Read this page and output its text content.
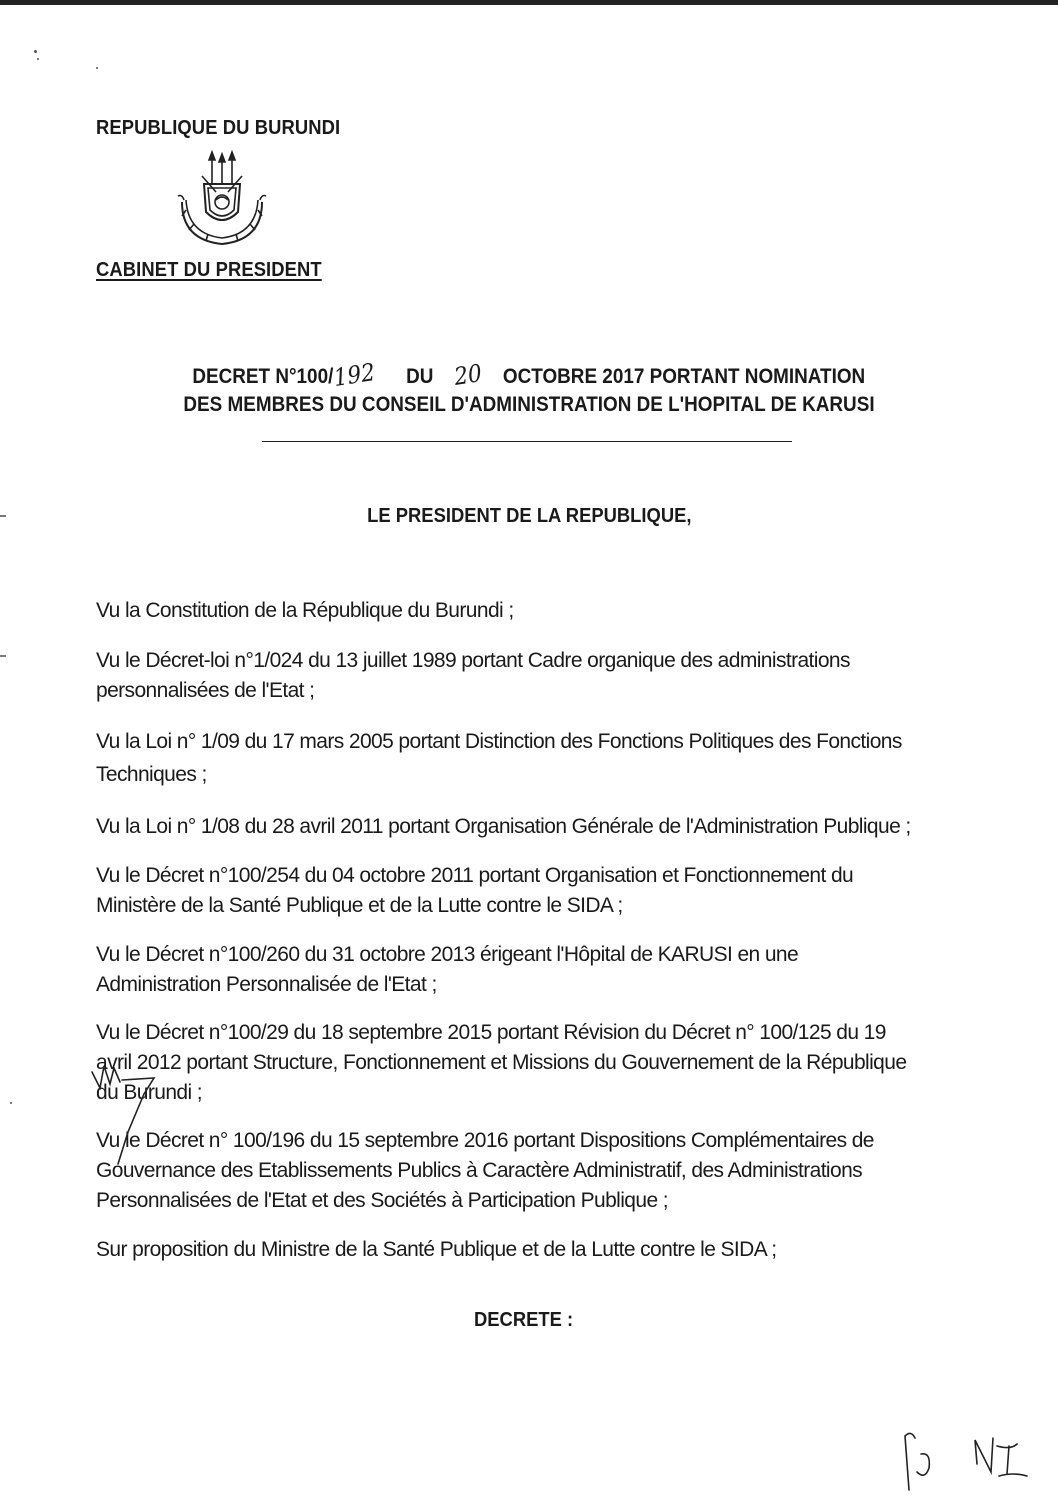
REPUBLIQUE DU BURUNDI
CABINET DU PRESIDENT
DECRET N°100/192 DU 20 OCTOBRE 2017 PORTANT NOMINATION
DES MEMBRES DU CONSEIL D'ADMINISTRATION DE L'HOPITAL DE KARUSI
LE PRESIDENT DE LA REPUBLIQUE,
Vu la Constitution de la République du Burundi ;
Vu le Décret-loi n°1/024 du 13 juillet 1989 portant Cadre organique des administrations
personnalisées de l'Etat ;
Vu la Loi n° 1/09 du 17 mars 2005 portant Distinction des Fonctions Politiques des Fonctions
Techniques ;
Vu la Loi n° 1/08 du 28 avril 2011 portant Organisation Générale de l'Administration Publique ;
Vu le Décret n°100/254 du 04 octobre 2011 portant Organisation et Fonctionnement du
Ministère de la Santé Publique et de la Lutte contre le SIDA ;
Vu le Décret n°100/260 du 31 octobre 2013 érigeant l'Hôpital de KARUSI en une
Administration Personnalisée de l'Etat ;
Vu le Décret n°100/29 du 18 septembre 2015 portant Révision du Décret n° 100/125 du 19
avril 2012 portant Structure, Fonctionnement et Missions du Gouvernement de la République
du Burundi ;
Vu le Décret n° 100/196 du 15 septembre 2016 portant Dispositions Complémentaires de
Gouvernance des Etablissements Publics à Caractère Administratif, des Administrations
Personnalisées de l'Etat et des Sociétés à Participation Publique ;
Sur proposition du Ministre de la Santé Publique et de la Lutte contre le SIDA ;
DECRETE :
